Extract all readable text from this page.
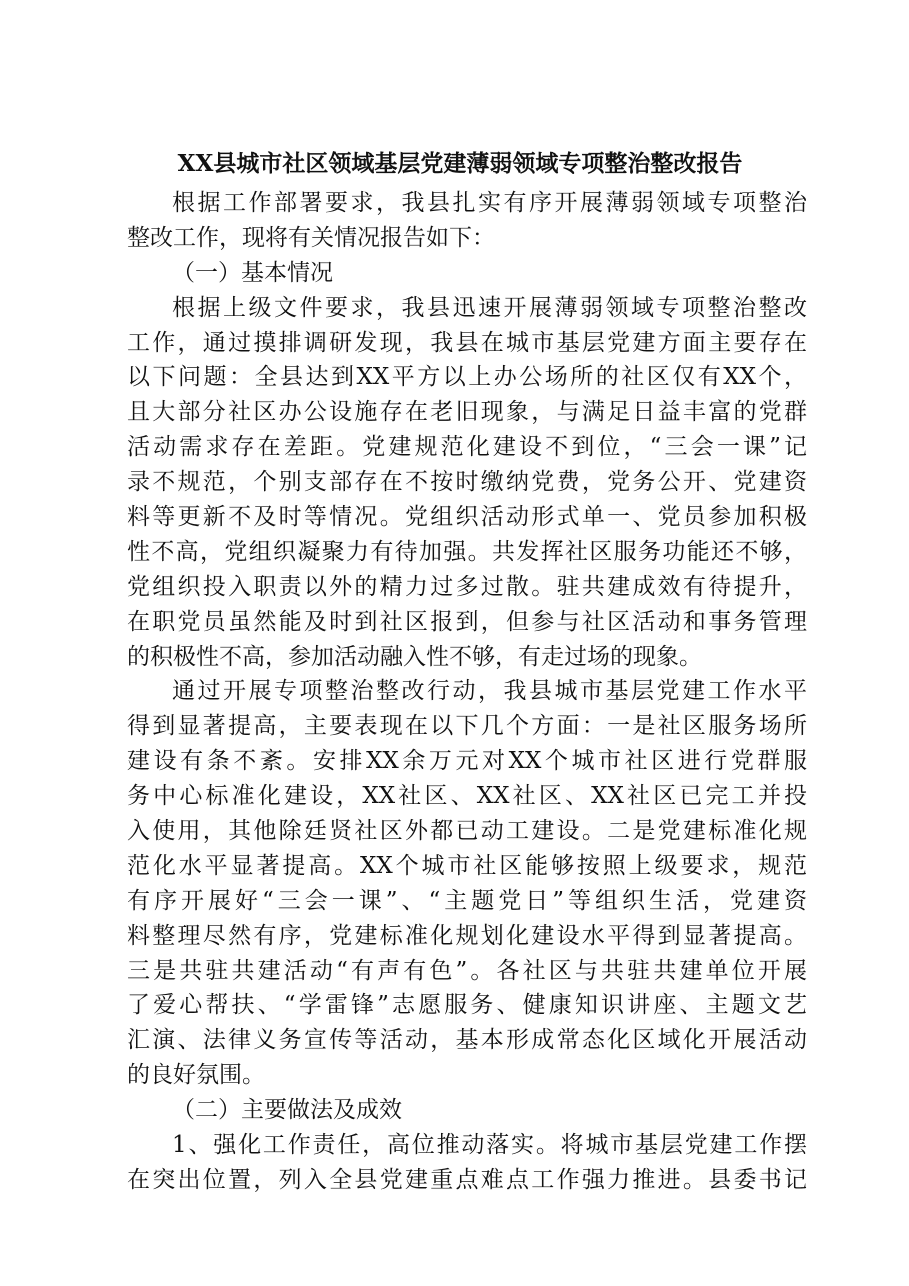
XX县城市社区领域基层党建薄弱领域专项整治整改报告
根据工作部署要求，我县扎实有序开展薄弱领域专项整治
整改工作，现将有关情况报告如下：
（一）基本情况
根据上级文件要求，我县迅速开展薄弱领域专项整治整改
工作，通过摸排调研发现，我县在城市基层党建方面主要存在
以下问题：全县达到XX平方以上办公场所的社区仅有XX个，
且大部分社区办公设施存在老旧现象，与满足日益丰富的党群
活动需求存在差距。党建规范化建设不到位，“三会一课”记
录不规范，个别支部存在不按时缴纳党费，党务公开、党建资
料等更新不及时等情况。党组织活动形式单一、党员参加积极
性不高，党组织凝聚力有待加强。共发挥社区服务功能还不够，
党组织投入职责以外的精力过多过散。驻共建成效有待提升，
在职党员虽然能及时到社区报到，但参与社区活动和事务管理
的积极性不高，参加活动融入性不够，有走过场的现象。
通过开展专项整治整改行动，我县城市基层党建工作水平
得到显著提高，主要表现在以下几个方面：一是社区服务场所
建设有条不紊。安排XX余万元对XX个城市社区进行党群服
务中心标准化建设，XX社区、XX社区、XX社区已完工并投
入使用，其他除廷贤社区外都已动工建设。二是党建标准化规
范化水平显著提高。XX个城市社区能够按照上级要求，规范
有序开展好“三会一课”、“主题党日”等组织生活，党建资
料整理尽然有序，党建标准化规划化建设水平得到显著提高。
三是共驻共建活动“有声有色”。各社区与共驻共建单位开展
了爱心帮扶、“学雷锋”志愿服务、健康知识讲座、主题文艺
汇演、法律义务宣传等活动，基本形成常态化区域化开展活动
的良好氛围。
（二）主要做法及成效
1、强化工作责任，高位推动落实。将城市基层党建工作摆
在突出位置，列入全县党建重点难点工作强力推进。县委书记
